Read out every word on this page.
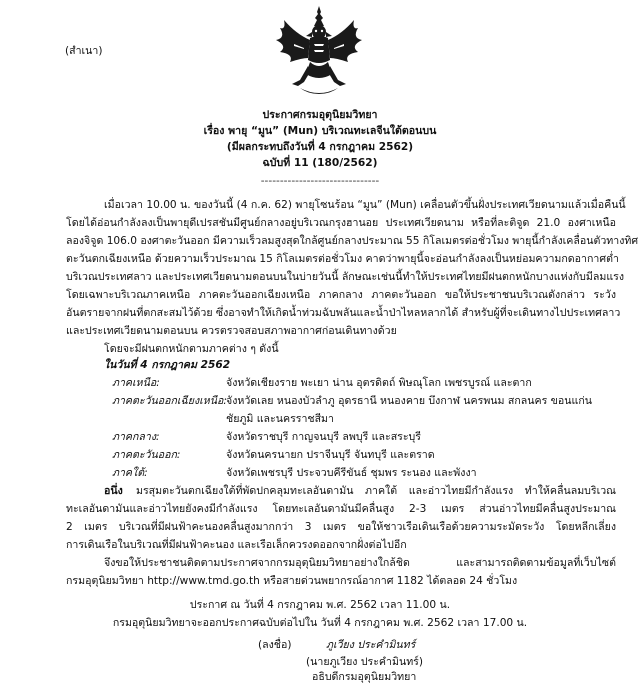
(สำเนา)

ประกาศกรมอุตุนิยมวิทยา

เรื่อง พายุ “มูน” (Mun) บริเวณทะเลจีนใต้ตอนบน

(มีผลกระทบถึงวันที่ 4 กรกฎาคม 2562)

ฉบับที่ 11 (180/2562)

-------------------------------

เมื่อเวลา 10.00 น. ของวันนี้ (4 ก.ค. 62) พายุโซนร้อน “มูน” (Mun) เคลื่อนตัวขึ้นฝั่งประเทศเวียดนามแล้วเมื่อคืนนี้

โดยได้อ่อนกำลังลงเป็นพายุดีเปรสชันมีศูนย์กลางอยู่บริเวณกรุงฮานอย ประเทศเวียดนาม หรือที่ละติจูด 21.0 องศาเหนือ

ลองจิจูด 106.0 องศาตะวันออก มีความเร็วลมสูงสุดใกล้ศูนย์กลางประมาณ 55 กิโลเมตรต่อชั่วโมง พายุนี้กำลังเคลื่อนตัวทางทิศ

ตะวันตกเฉียงเหนือ ด้วยความเร็วประมาณ 15 กิโลเมตรต่อชั่วโมง คาดว่าพายุนี้จะอ่อนกำลังลงเป็นหย่อมความกดอากาศต่ำ

บริเวณประเทศลาว และประเทศเวียดนามตอนบนในบ่ายวันนี้ ลักษณะเช่นนี้ทำให้ประเทศไทยมีฝนตกหนักบางแห่งกับมีลมแรง

โดยเฉพาะบริเวณภาคเหนือ ภาคตะวันออกเฉียงเหนือ ภาคกลาง ภาคตะวันออก ขอให้ประชาชนบริเวณดังกล่าว ระวัง

อันตรายจากฝนที่ตกสะสมไว้ด้วย ซึ่งอาจทำให้เกิดน้ำท่วมฉับพลันและน้ำป่าไหลหลากได้ สำหรับผู้ที่จะเดินทางไปประเทศลาว

และประเทศเวียดนามตอนบน ควรตรวจสอบสภาพอากาศก่อนเดินทางด้วย

โดยจะมีฝนตกหนักตามภาคต่าง ๆ ดังนี้

ในวันที่ 4 กรกฎาคม 2562

ภาคเหนือ:	จังหวัดเชียงราย พะเยา น่าน อุตรดิตถ์ พิษณุโลก เพชรบูรณ์ และตาก

ภาคตะวันออกเฉียงเหนือ: จังหวัดเลย หนองบัวลำภู อุดรธานี หนองคาย บึงกาฬ นครพนม สกลนคร ขอนแก่น

ชัยภูมิ และนครราชสีมา

ภาคกลาง:	จังหวัดราชบุรี กาญจนบุรี ลพบุรี และสระบุรี

ภาคตะวันออก:	จังหวัดนครนายก ปราจีนบุรี จันทบุรี และตราด

ภาคใต้:	จังหวัดเพชรบุรี ประจวบคีรีขันธ์ ชุมพร ระนอง และพังงา

อนึ่ง มรสุมตะวันตกเฉียงใต้ที่พัดปกคลุมทะเลอันดามัน ภาคใต้ และอ่าวไทยมีกำลังแรง ทำให้คลื่นลมบริเวณ

ทะเลอันดามันและอ่าวไทยยังคงมีกำลังแรง โดยทะเลอันดามันมีคลื่นสูง 2-3 เมตร ส่วนอ่าวไทยมีคลื่นสูงประมาณ

2 เมตร บริเวณที่มีฝนฟ้าคะนองคลื่นสูงมากกว่า 3 เมตร ขอให้ชาวเรือเดินเรือด้วยความระมัดระวัง โดยหลีกเลี่ยง

การเดินเรือในบริเวณที่มีฝนฟ้าคะนอง และเรือเล็กควรงดออกจากฝั่งต่อไปอีก

จึงขอให้ประชาชนติดตามประกาศจากกรมอุตุนิยมวิทยาอย่างใกล้ชิด และสามารถติดตามข้อมูลที่เว็บไซต์

กรมอุตุนิยมวิทยา http://www.tmd.go.th หรือสายด่วนพยากรณ์อากาศ 1182 ได้ตลอด 24 ชั่วโมง

ประกาศ ณ วันที่ 4 กรกฎาคม พ.ศ. 2562 เวลา 11.00 น.

กรมอุตุนิยมวิทยาจะออกประกาศฉบับต่อไปใน วันที่ 4 กรกฎาคม พ.ศ. 2562 เวลา 17.00 น.

(ลงชื่อ)	ภูเวียง ประคำมินทร์

(นายภูเวียง ประคำมินทร์)

อธิบดีกรมอุตุนิยมวิทยา
